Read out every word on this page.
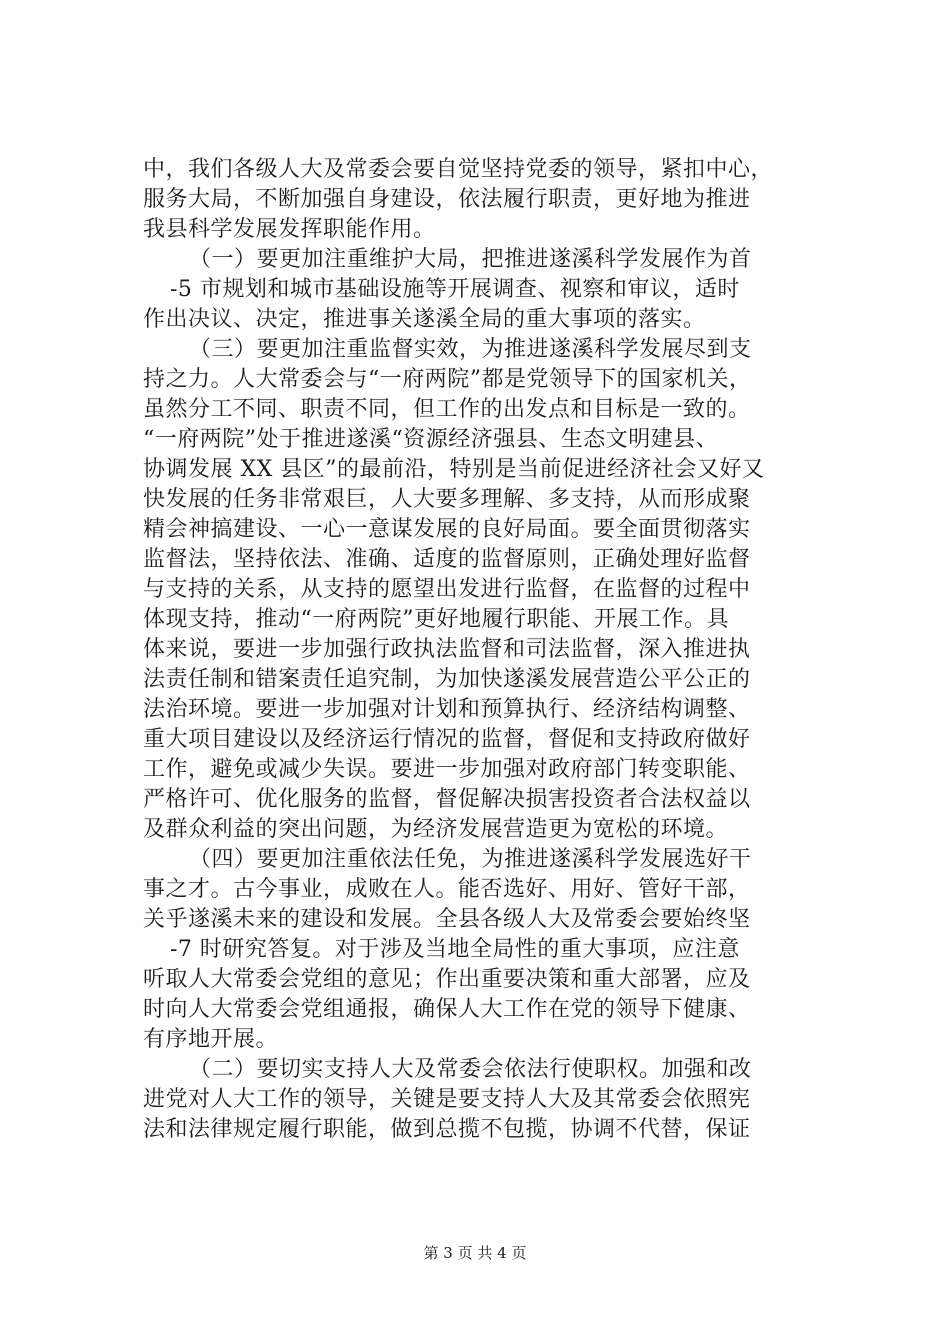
中，我们各级人大及常委会要自觉坚持党委的领导，紧扣中心，
服务大局，不断加强自身建设，依法履行职责，更好地为推进
我县科学发展发挥职能作用。
（一）要更加注重维护大局，把推进遂溪科学发展作为首
-5 市规划和城市基础设施等开展调查、视察和审议，适时
作出决议、决定，推进事关遂溪全局的重大事项的落实。
（三）要更加注重监督实效，为推进遂溪科学发展尽到支
持之力。人大常委会与“一府两院”都是党领导下的国家机关，
虽然分工不同、职责不同，但工作的出发点和目标是一致的。
“一府两院”处于推进遂溪“资源经济强县、生态文明建县、
协调发展 XX 县区”的最前沿，特别是当前促进经济社会又好又
快发展的任务非常艰巨，人大要多理解、多支持，从而形成聚
精会神搞建设、一心一意谋发展的良好局面。要全面贯彻落实
监督法，坚持依法、准确、适度的监督原则，正确处理好监督
与支持的关系，从支持的愿望出发进行监督，在监督的过程中
体现支持，推动“一府两院”更好地履行职能、开展工作。具
体来说，要进一步加强行政执法监督和司法监督，深入推进执
法责任制和错案责任追究制，为加快遂溪发展营造公平公正的
法治环境。要进一步加强对计划和预算执行、经济结构调整、
重大项目建设以及经济运行情况的监督，督促和支持政府做好
工作，避免或减少失误。要进一步加强对政府部门转变职能、
严格许可、优化服务的监督，督促解决损害投资者合法权益以
及群众利益的突出问题，为经济发展营造更为宽松的环境。
（四）要更加注重依法任免，为推进遂溪科学发展选好干
事之才。古今事业，成败在人。能否选好、用好、管好干部，
关乎遂溪未来的建设和发展。全县各级人大及常委会要始终坚
-7 时研究答复。对于涉及当地全局性的重大事项，应注意
听取人大常委会党组的意见；作出重要决策和重大部署，应及
时向人大常委会党组通报，确保人大工作在党的领导下健康、
有序地开展。
（二）要切实支持人大及常委会依法行使职权。加强和改
进党对人大工作的领导，关键是要支持人大及其常委会依照宪
法和法律规定履行职能，做到总揽不包揽，协调不代替，保证
第 3 页 共 4 页
